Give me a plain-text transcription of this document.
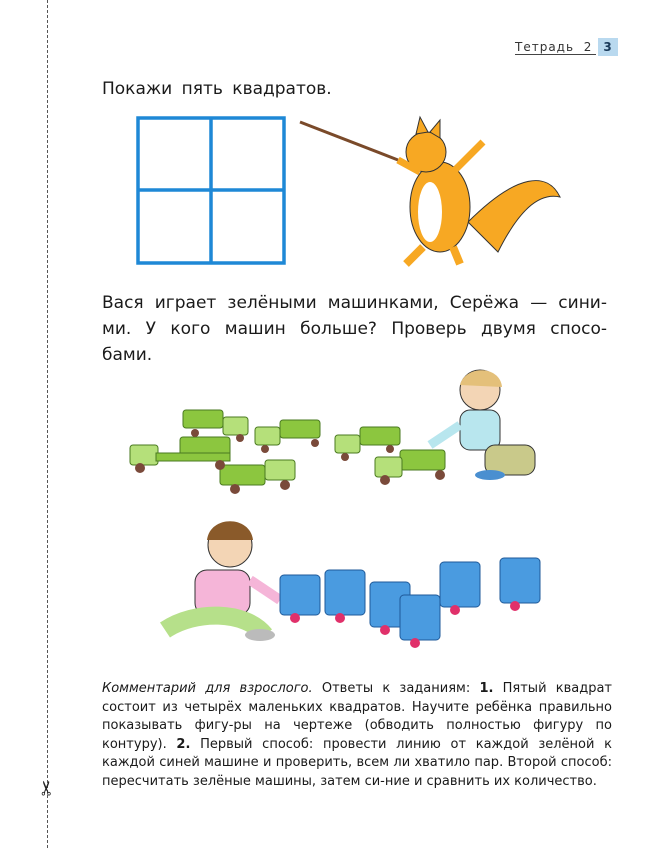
✂
Тетрадь 2 3
Покажи пять квадратов.
Вася играет зелёными машинками, Серёжа — сини-ми. У кого машин больше? Проверь двумя спосо-бами.
Комментарий для взрослого. Ответы к заданиям: 1. Пятый квадрат состоит из четырёх маленьких квадратов. Научите ребёнка правильно показывать фигу-ры на чертеже (обводить полностью фигуру по контуру). 2. Первый способ: провести линию от каждой зелёной к каждой синей машине и проверить, всем ли хватило пар. Второй способ: пересчитать зелёные машины, затем си-ние и сравнить их количество.
